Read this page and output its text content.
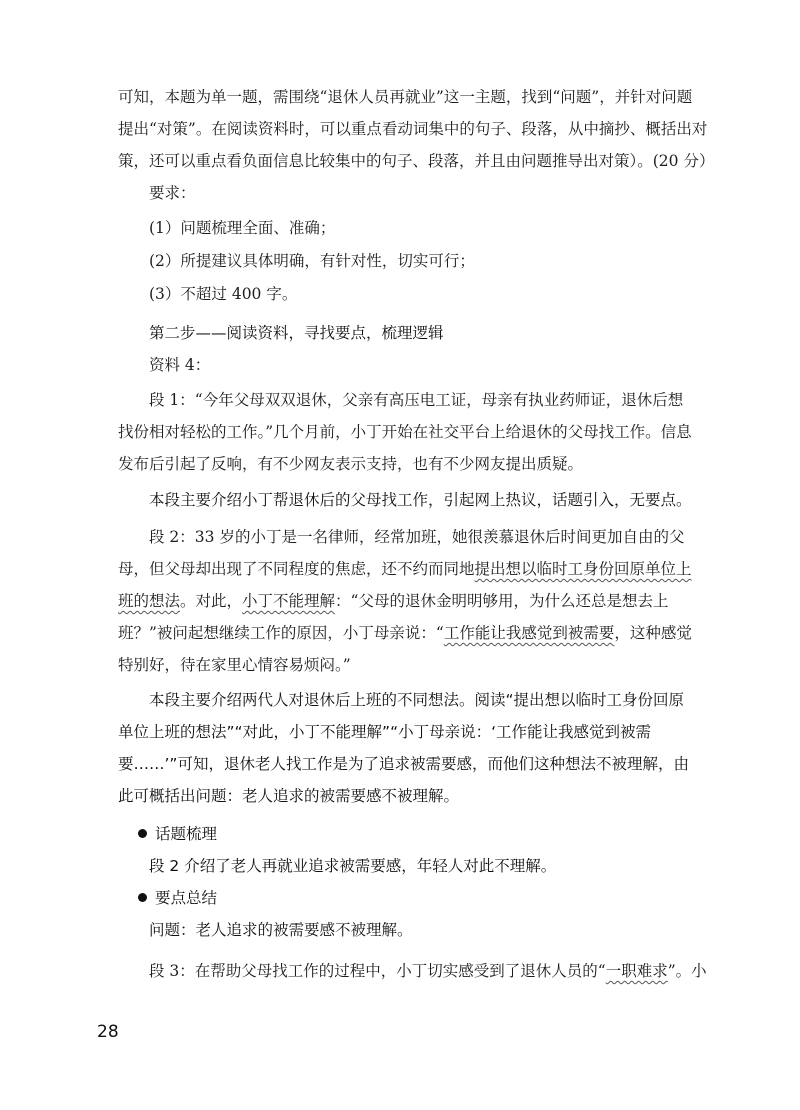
可知，本题为单一题，需围绕“退休人员再就业”这一主题，找到“问题”，并针对问题

提出“对策”。在阅读资料时，可以重点看动词集中的句子、段落，从中摘抄、概括出对

策，还可以重点看负面信息比较集中的句子、段落，并且由问题推导出对策）。(20 分）

要求：

(1）问题梳理全面、准确；

(2）所提建议具体明确，有针对性，切实可行；

(3）不超过 400 字。

第二步——阅读资料，寻找要点，梳理逻辑

资料 4：

段 1：“今年父母双双退休，父亲有高压电工证，母亲有执业药师证，退休后想找份相对轻松的工作。”几个月前，小丁开始在社交平台上给退休的父母找工作。信息发布后引起了反响，有不少网友表示支持，也有不少网友提出质疑。

本段主要介绍小丁帮退休后的父母找工作，引起网上热议，话题引入，无要点。

段 2：33 岁的小丁是一名律师，经常加班，她很羡慕退休后时间更加自由的父母，但父母却出现了不同程度的焦虑，还不约而同地提出想以临时工身份回原单位上班的想法。对此，小丁不能理解：“父母的退休金明明够用，为什么还总是想去上班？”被问起想继续工作的原因，小丁母亲说：“工作能让我感觉到被需要，这种感觉特别好，待在家里心情容易烦闷。”

本段主要介绍两代人对退休后上班的不同想法。阅读“提出想以临时工身份回原单位上班的想法”“对此，小丁不能理解”“小丁母亲说：‘工作能让我感觉到被需要……’”可知，退休老人找工作是为了追求被需要感，而他们这种想法不被理解，由此可概括出问题：老人追求的被需要感不被理解。

话题梳理

段 2 介绍了老人再就业追求被需要感，年轻人对此不理解。

要点总结

问题：老人追求的被需要感不被理解。

段 3：在帮助父母找工作的过程中，小丁切实感受到了退休人员的“一职难求”。小

28
